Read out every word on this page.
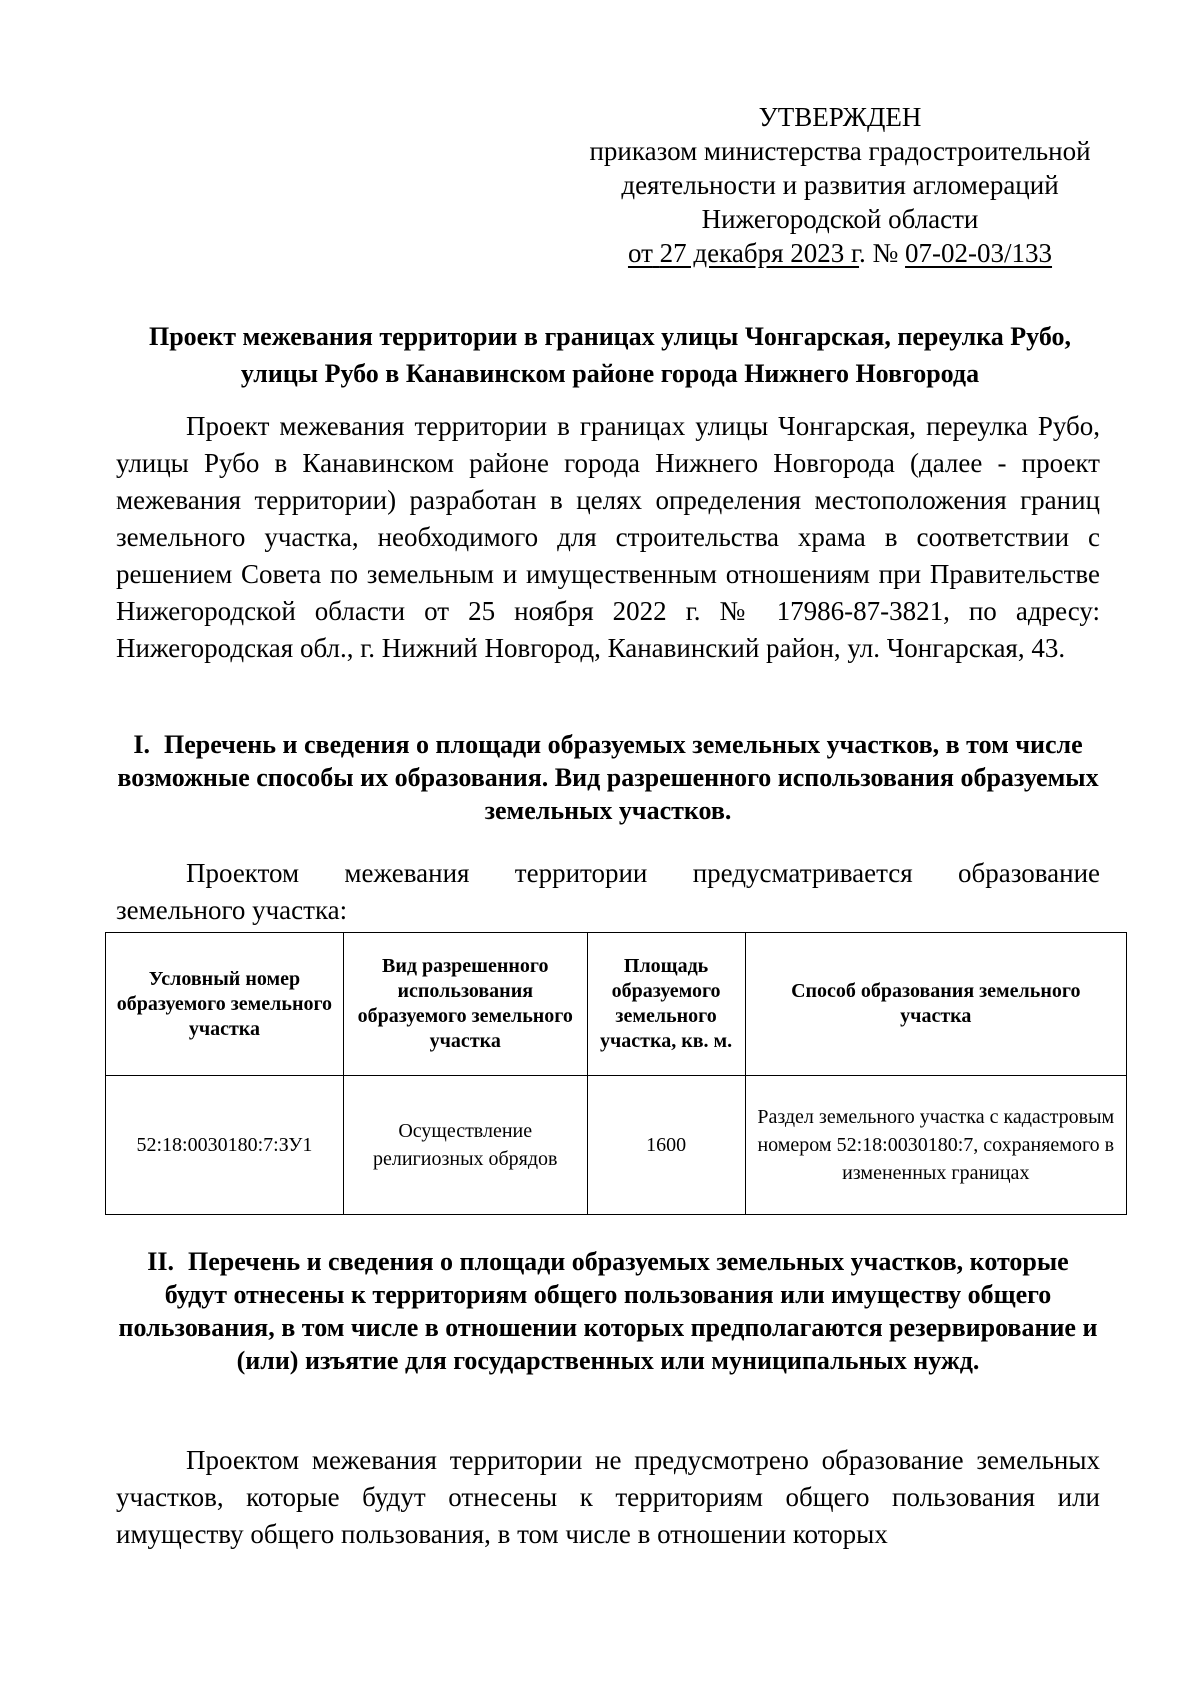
УТВЕРЖДЕН
приказом министерства градостроительной
деятельности и развития агломераций
Нижегородской области
от 27 декабря 2023 г. № 07-02-03/133
Проект межевания территории в границах улицы Чонгарская, переулка Рубо, улицы Рубо в Канавинском районе города Нижнего Новгорода
Проект межевания территории в границах улицы Чонгарская, переулка Рубо, улицы Рубо в Канавинском районе города Нижнего Новгорода (далее - проект межевания территории) разработан в целях определения местоположения границ земельного участка, необходимого для строительства храма в соответствии с решением Совета по земельным и имущественным отношениям при Правительстве Нижегородской области от 25 ноября 2022 г. № 17986-87-3821, по адресу: Нижегородская обл., г. Нижний Новгород, Канавинский район, ул. Чонгарская, 43.
I. Перечень и сведения о площади образуемых земельных участков, в том числе возможные способы их образования. Вид разрешенного использования образуемых земельных участков.
Проектом межевания территории предусматривается образование
земельного участка:
Условный номер образуемого земельного участка	Вид разрешенного использования образуемого земельного участка	Площадь образуемого земельного участка, кв. м.	Способ образования земельного участка
52:18:0030180:7:ЗУ1	Осуществление религиозных обрядов	1600	Раздел земельного участка с кадастровым номером 52:18:0030180:7, сохраняемого в измененных границах
II. Перечень и сведения о площади образуемых земельных участков, которые будут отнесены к территориям общего пользования или имуществу общего пользования, в том числе в отношении которых предполагаются резервирование и (или) изъятие для государственных или муниципальных нужд.
Проектом межевания территории не предусмотрено образование земельных участков, которые будут отнесены к территориям общего пользования или имуществу общего пользования, в том числе в отношении которых
